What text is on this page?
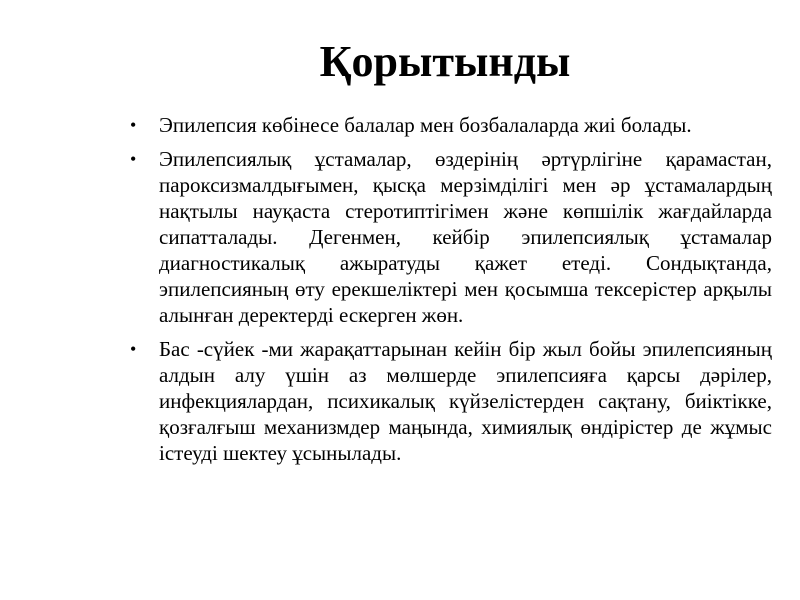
Қорытынды
• Эпилепсия көбінесе балалар мен бозбалаларда жиі болады.
• Эпилепсиялық ұстамалар, өздерінің әртүрлігіне қарамастан, пароксизмалдығымен, қысқа мерзімділігі мен әр ұстамалардың нақтылы науқаста стеротиптігімен және көпшілік жағдайларда сипатталады. Дегенмен, кейбір эпилепсиялық ұстамалар диагностикалық ажыратуды қажет етеді. Сондықтанда, эпилепсияның өту ерекшеліктері мен қосымша тексерістер арқылы алынған деректерді ескерген жөн.
• Бас -сүйек -ми жарақаттарынан кейін бір жыл бойы эпилепсияның алдын алу үшін аз мөлшерде эпилепсияға қарсы дәрілер, инфекциялардан, психикалық күйзелістерден сақтану, биіктікке, қозғалғыш механизмдер маңында, химиялық өндірістер де жұмыс істеуді шектеу ұсынылады.
